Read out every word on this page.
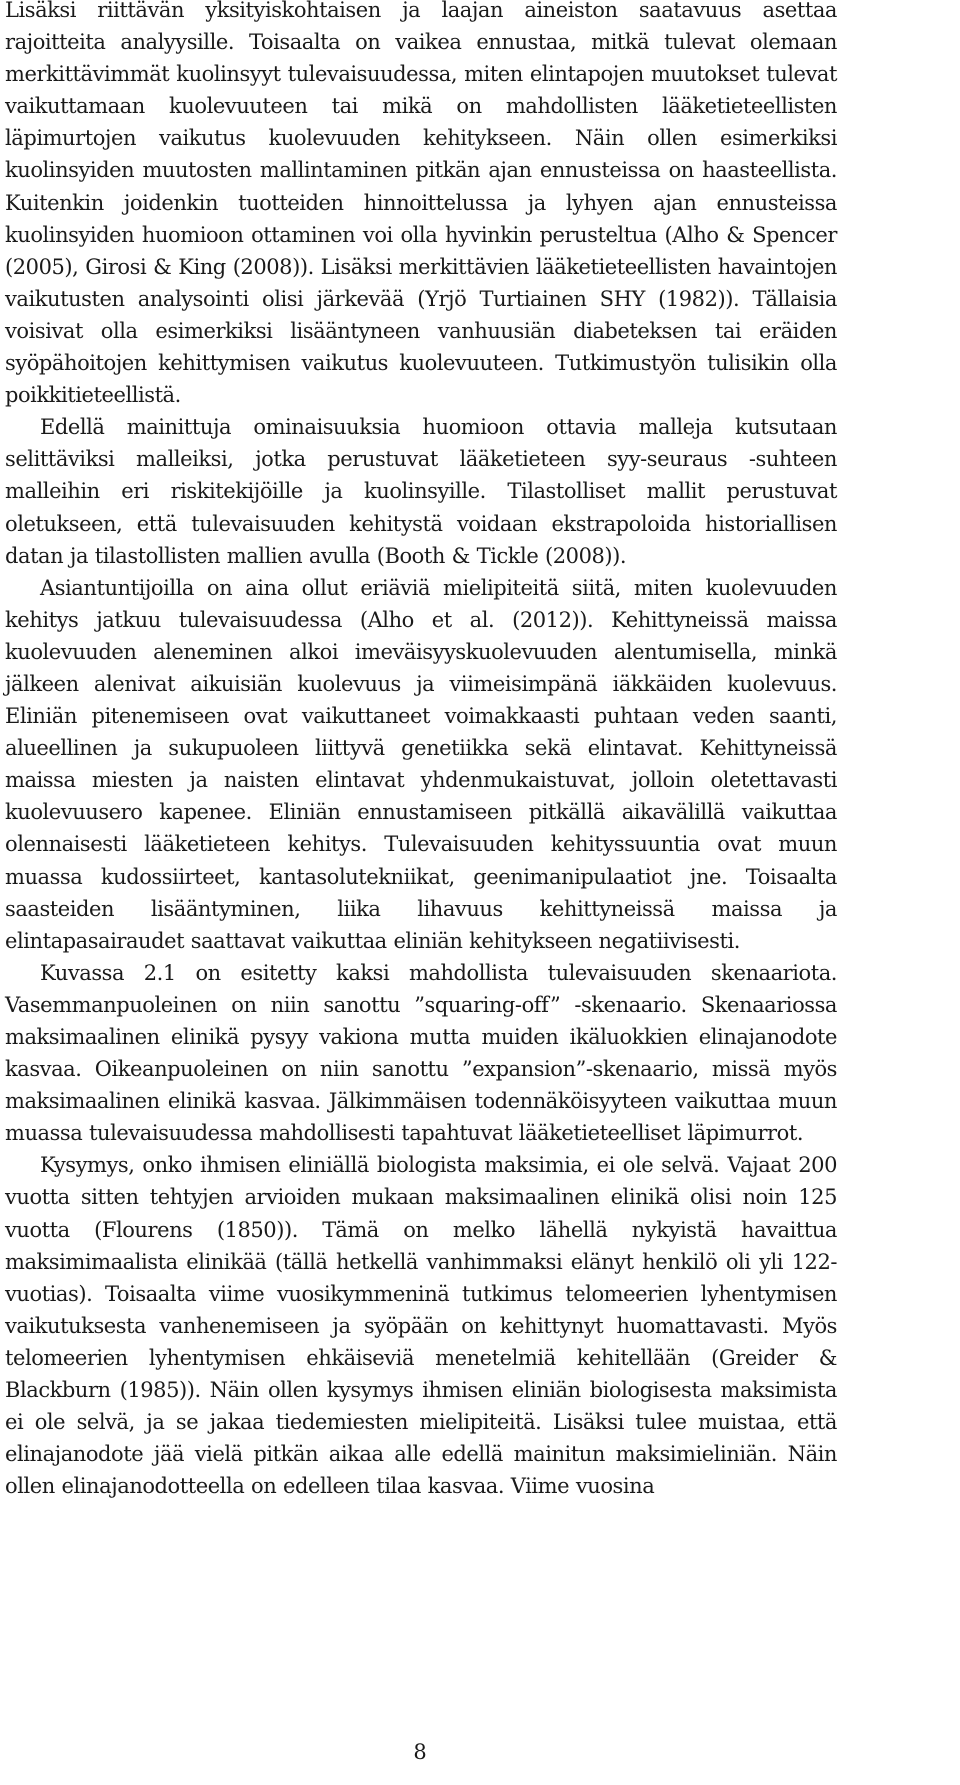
Lisäksi riittävän yksityiskohtaisen ja laajan aineiston saatavuus asettaa rajoitteita analyysille. Toisaalta on vaikea ennustaa, mitkä tulevat olemaan merkittävimmät kuolinsyyt tulevaisuudessa, miten elintapojen muutokset tulevat vaikuttamaan kuolevuuteen tai mikä on mahdollisten lääketieteellisten läpimurtojen vaikutus kuolevuuden kehitykseen. Näin ollen esimerkiksi kuolinsyiden muutosten mallintaminen pitkän ajan ennusteissa on haasteellista. Kuitenkin joidenkin tuotteiden hinnoittelussa ja lyhyen ajan ennusteissa kuolinsyiden huomioon ottaminen voi olla hyvinkin perusteltua (Alho & Spencer (2005), Girosi & King (2008)). Lisäksi merkittävien lääketieteellisten havaintojen vaikutusten analysointi olisi järkevää (Yrjö Turtiainen SHY (1982)). Tällaisia voisivat olla esimerkiksi lisääntyneen vanhuusiän diabeteksen tai eräiden syöpähoitojen kehittymisen vaikutus kuolevuuteen. Tutkimustyön tulisikin olla poikkitieteellistä.

Edellä mainittuja ominaisuuksia huomioon ottavia malleja kutsutaan selittäviksi malleiksi, jotka perustuvat lääketieteen syy-seuraus -suhteen malleihin eri riskitekijöille ja kuolinsyille. Tilastolliset mallit perustuvat oletukseen, että tulevaisuuden kehitystä voidaan ekstrapoloida historiallisen datan ja tilastollisten mallien avulla (Booth & Tickle (2008)).

Asiantuntijoilla on aina ollut eriäviä mielipiteitä siitä, miten kuolevuuden kehitys jatkuu tulevaisuudessa (Alho et al. (2012)). Kehittyneissä maissa kuolevuuden aleneminen alkoi imeväisyyskuolevuuden alentumisella, minkä jälkeen alenivat aikuisiän kuolevuus ja viimeisimpänä iäkkäiden kuolevuus. Eliniän pitenemiseen ovat vaikuttaneet voimakkaasti puhtaan veden saanti, alueellinen ja sukupuoleen liittyvä genetiikka sekä elintavat. Kehittyneissä maissa miesten ja naisten elintavat yhdenmukaistuvat, jolloin oletettavasti kuolevuusero kapenee. Eliniän ennustamiseen pitkällä aikavälillä vaikuttaa olennaisesti lääketieteen kehitys. Tulevaisuuden kehityssuuntia ovat muun muassa kudossiirteet, kantasolutekniikat, geenimanipulaatiot jne. Toisaalta saasteiden lisääntyminen, liika lihavuus kehittyneissä maissa ja elintapasairaudet saattavat vaikuttaa eliniän kehitykseen negatiivisesti.

Kuvassa 2.1 on esitetty kaksi mahdollista tulevaisuuden skenaariota. Vasemmanpuoleinen on niin sanottu ”squaring-off” -skenaario. Skenaariossa maksimaalinen elinikä pysyy vakiona mutta muiden ikäluokkien elinajanodote kasvaa. Oikeanpuoleinen on niin sanottu ”expansion”-skenaario, missä myös maksimaalinen elinikä kasvaa. Jälkimmäisen todennäköisyyteen vaikuttaa muun muassa tulevaisuudessa mahdollisesti tapahtuvat lääketieteelliset läpimurrot.

Kysymys, onko ihmisen eliniällä biologista maksimia, ei ole selvä. Vajaat 200 vuotta sitten tehtyjen arvioiden mukaan maksimaalinen elinikä olisi noin 125 vuotta (Flourens (1850)). Tämä on melko lähellä nykyistä havaittua maksimimaalista elinikää (tällä hetkellä vanhimmaksi elänyt henkilö oli yli 122-vuotias). Toisaalta viime vuosikymmeninä tutkimus telomeerien lyhentymisen vaikutuksesta vanhenemiseen ja syöpään on kehittynyt huomattavasti. Myös telomeerien lyhentymisen ehkäiseviä menetelmiä kehitellään (Greider & Blackburn (1985)). Näin ollen kysymys ihmisen eliniän biologisesta maksimista ei ole selvä, ja se jakaa tiedemiesten mielipiteitä. Lisäksi tulee muistaa, että elinajanodote jää vielä pitkän aikaa alle edellä mainitun maksimieliniän. Näin ollen elinajanodotteella on edelleen tilaa kasvaa. Viime vuosina

8
